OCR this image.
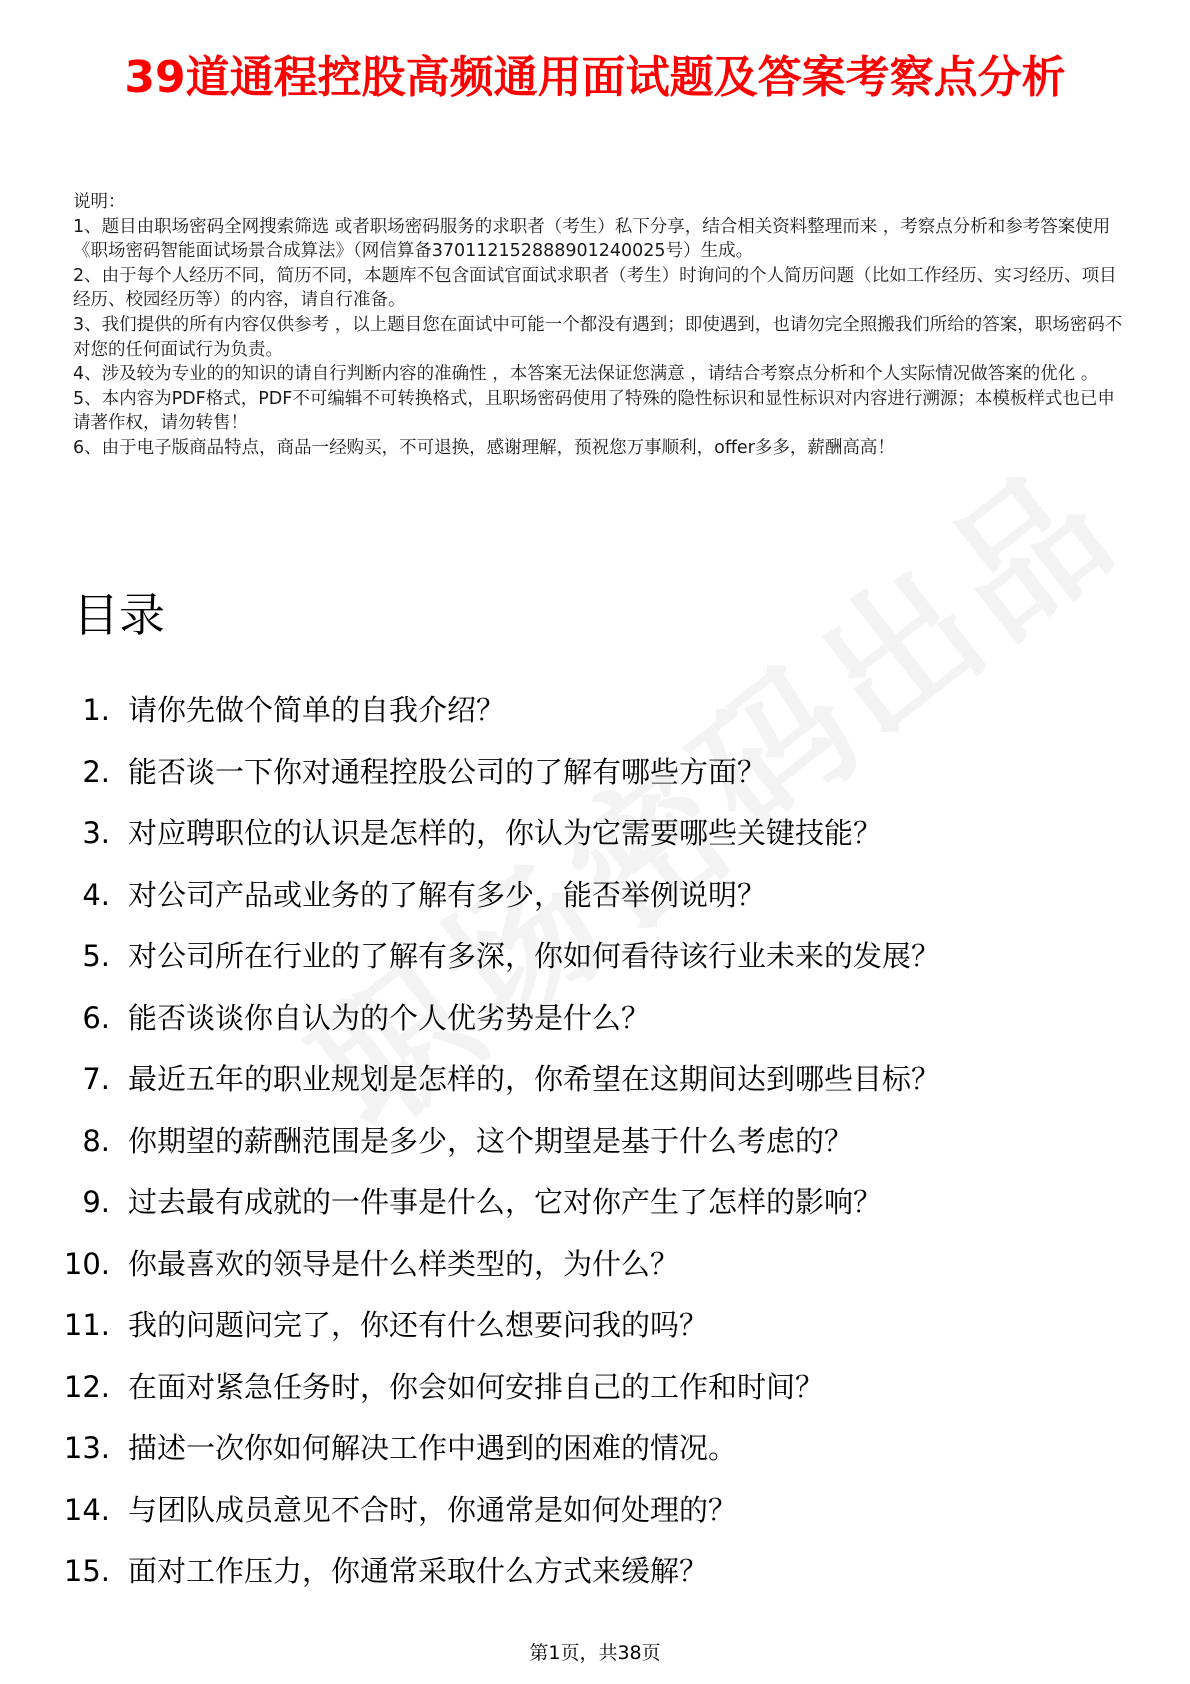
39道通程控股高频通用面试题及答案考察点分析
说明：
1、题目由职场密码全网搜索筛选 或者职场密码服务的求职者（考生）私下分享，结合相关资料整理而来 ，考察点分析和参考答案使用《职场密码智能面试场景合成算法》（网信算备370112152888901240025号）生成。
2、由于每个人经历不同，简历不同，本题库不包含面试官面试求职者（考生）时询问的个人简历问题（比如工作经历、实习经历、项目经历、校园经历等）的内容，请自行准备。
3、我们提供的所有内容仅供参考 ，以上题目您在面试中可能一个都没有遇到；即使遇到，也请勿完全照搬我们所给的答案，职场密码不对您的任何面试行为负责。
4、涉及较为专业的的知识的请自行判断内容的准确性 ，本答案无法保证您满意 ，请结合考察点分析和个人实际情况做答案的优化 。
5、本内容为PDF格式，PDF不可编辑不可转换格式，且职场密码使用了特殊的隐性标识和显性标识对内容进行溯源；本模板样式也已申请著作权，请勿转售！
6、由于电子版商品特点，商品一经购买，不可退换，感谢理解，预祝您万事顺利，offer多多，薪酬高高！
目录
1. 请你先做个简单的自我介绍？
2. 能否谈一下你对通程控股公司的了解有哪些方面？
3. 对应聘职位的认识是怎样的，你认为它需要哪些关键技能？
4. 对公司产品或业务的了解有多少，能否举例说明？
5. 对公司所在行业的了解有多深，你如何看待该行业未来的发展？
6. 能否谈谈你自认为的个人优劣势是什么？
7. 最近五年的职业规划是怎样的，你希望在这期间达到哪些目标？
8. 你期望的薪酬范围是多少，这个期望是基于什么考虑的？
9. 过去最有成就的一件事是什么，它对你产生了怎样的影响？
10. 你最喜欢的领导是什么样类型的，为什么？
11. 我的问题问完了，你还有什么想要问我的吗？
12. 在面对紧急任务时，你会如何安排自己的工作和时间？
13. 描述一次你如何解决工作中遇到的困难的情况。
14. 与团队成员意见不合时，你通常是如何处理的？
15. 面对工作压力，你通常采取什么方式来缓解？
第1页，共38页
